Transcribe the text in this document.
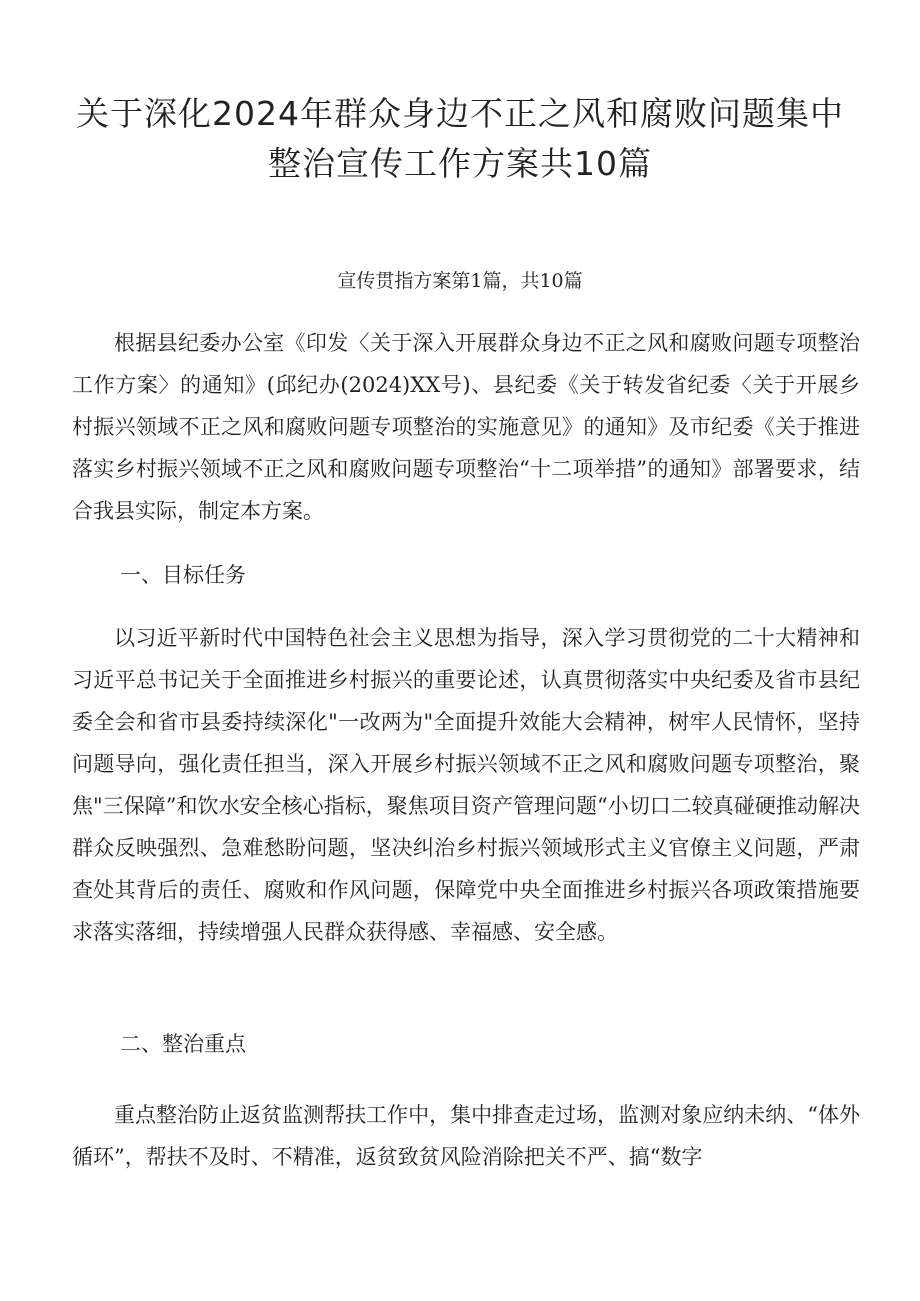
关于深化2024年群众身边不正之风和腐败问题集中
整治宣传工作方案共10篇
宣传贯指方案第1篇，共10篇
根据县纪委办公室《印发〈关于深入开展群众身边不正之风和腐败问题专项整治工作方案〉的通知》(邱纪办(2024)XX号)、县纪委《关于转发省纪委〈关于开展乡村振兴领域不正之风和腐败问题专项整治的实施意见》的通知》及市纪委《关于推进落实乡村振兴领域不正之风和腐败问题专项整治“十二项举措”的通知》部署要求，结合我县实际，制定本方案。
一、目标任务
以习近平新时代中国特色社会主义思想为指导，深入学习贯彻党的二十大精神和习近平总书记关于全面推进乡村振兴的重要论述，认真贯彻落实中央纪委及省市县纪委全会和省市县委持续深化"一改两为"全面提升效能大会精神，树牢人民情怀，坚持问题导向，强化责任担当，深入开展乡村振兴领域不正之风和腐败问题专项整治，聚焦"三保障”和饮水安全核心指标，聚焦项目资产管理问题“小切口二较真碰硬推动解决群众反映强烈、急难愁盼问题，坚决纠治乡村振兴领域形式主义官僚主义问题，严肃查处其背后的责任、腐败和作风问题，保障党中央全面推进乡村振兴各项政策措施要求落实落细，持续增强人民群众获得感、幸福感、安全感。
二、整治重点
重点整治防止返贫监测帮扶工作中，集中排查走过场，监测对象应纳未纳、“体外循环”，帮扶不及时、不精准，返贫致贫风险消除把关不严、搞“数字
